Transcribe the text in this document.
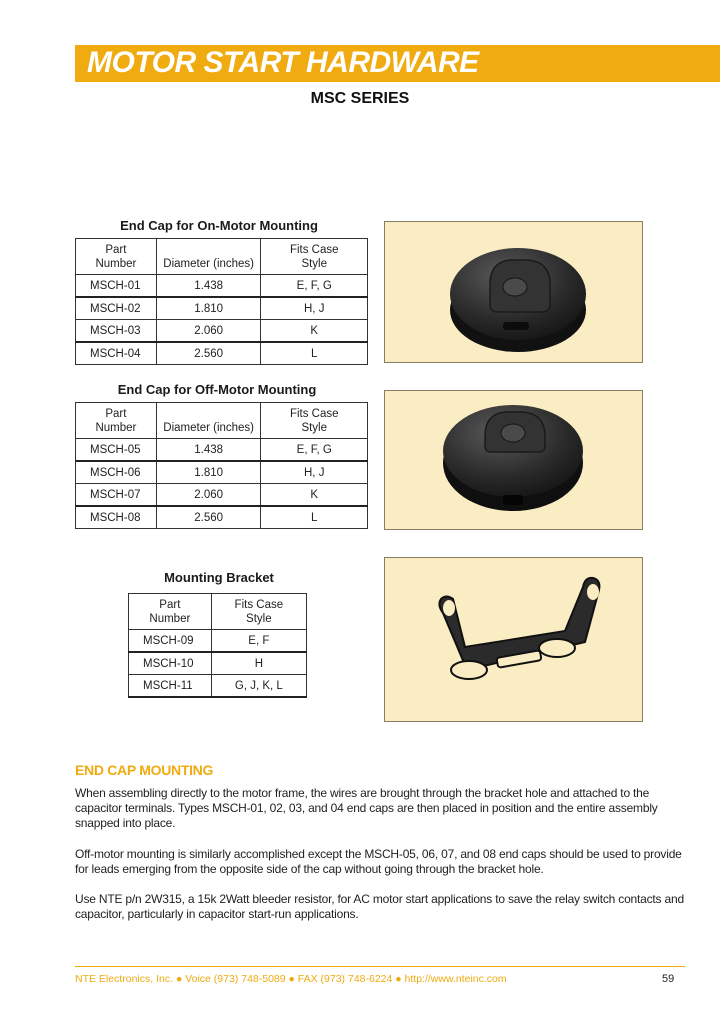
MOTOR START HARDWARE
MSC SERIES
End Cap for On-Motor Mounting
Part
Number	Diameter (inches)	Fits Case
Style
MSCH-01	1.438	E, F, G
MSCH-02	1.810	H, J
MSCH-03	2.060	K
MSCH-04	2.560	L
End Cap for Off-Motor Mounting
Part
Number	Diameter (inches)	Fits Case
Style
MSCH-05	1.438	E, F, G
MSCH-06	1.810	H, J
MSCH-07	2.060	K
MSCH-08	2.560	L
Mounting Bracket
Part
Number	Fits Case
Style
MSCH-09	E, F
MSCH-10	H
MSCH-11	G, J, K, L
END CAP MOUNTING
When assembling directly to the motor frame, the wires are brought through the bracket hole and attached to the capacitor terminals. Types MSCH-01, 02, 03, and 04 end caps are then placed in position and the entire assembly snapped into place.
Off-motor mounting is similarly accomplished except the MSCH-05, 06, 07, and 08 end caps should be used to provide for leads emerging from the opposite side of the cap without going through the bracket hole.
Use NTE p/n 2W315, a 15k 2Watt bleeder resistor, for AC motor start applications to save the relay switch contacts and capacitor, particularly in capacitor start-run applications.
NTE Electronics, Inc. ● Voice (973) 748-5089 ● FAX (973) 748-6224 ● http://www.nteinc.com	59
